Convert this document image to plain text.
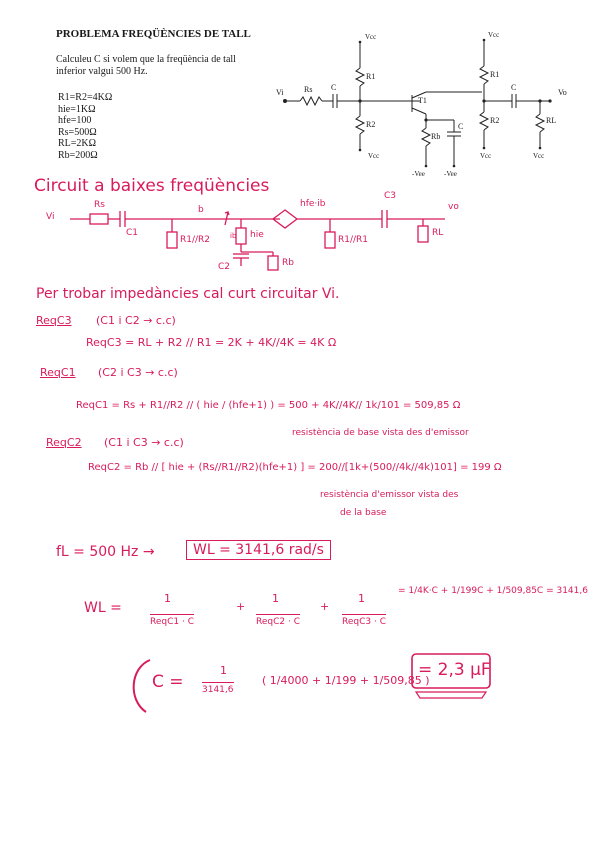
PROBLEMA FREQÜÈNCIES DE TALL
Calculeu C si volem que la freqüència de tall inferior valgui 500 Hz.
R1=R2=4KΩ
hie=1KΩ
hfe=100
Rs=500Ω
RL=2KΩ
Rb=200Ω
Vcc	Vcc
Vi	Rs C
R1	R1
R2	R2
T1
Rb
C
C
Vo
RL
-Vee	-Vee
Vcc	Vcc	Vcc
Circuit a baixes freqüències
Vi
Rs
C1
b
ib
R1//R2	hie
C2	Rb
hfe·ib
C3
R1//R1
RL
vo
Per trobar impedàncies cal curt circuitar Vi.
ReqC3 (C1 i C2 → c.c)
ReqC3 = RL + R2 // R1 = 2K + 4K//4K = 4K Ω
ReqC1 (C2 i C3 → c.c)
ReqC1 = Rs + R1//R2 // ( hie / (hfe+1) ) = 500 + 4K//4K// 1k/101 = 509,85 Ω
resistència de base vista des d'emissor
ReqC2 (C1 i C3 → c.c)
ReqC2 = Rb // [ hie + (Rs//R1//R2)(hfe+1) ] = 200//[1k+(500//4k//4k)101] = 199 Ω
resistència d'emissor vista des
de la base
fL = 500 Hz →	WL = 3141,6 rad/s
WL =
1
ReqC1 · C
+
1
ReqC2 · C
+
1
ReqC3 · C
= 1/4K·C + 1/199C + 1/509,85C = 3141,6
C =
1
3141,6
( 1/4000 + 1/199 + 1/509,85 )
= 2,3 μF
